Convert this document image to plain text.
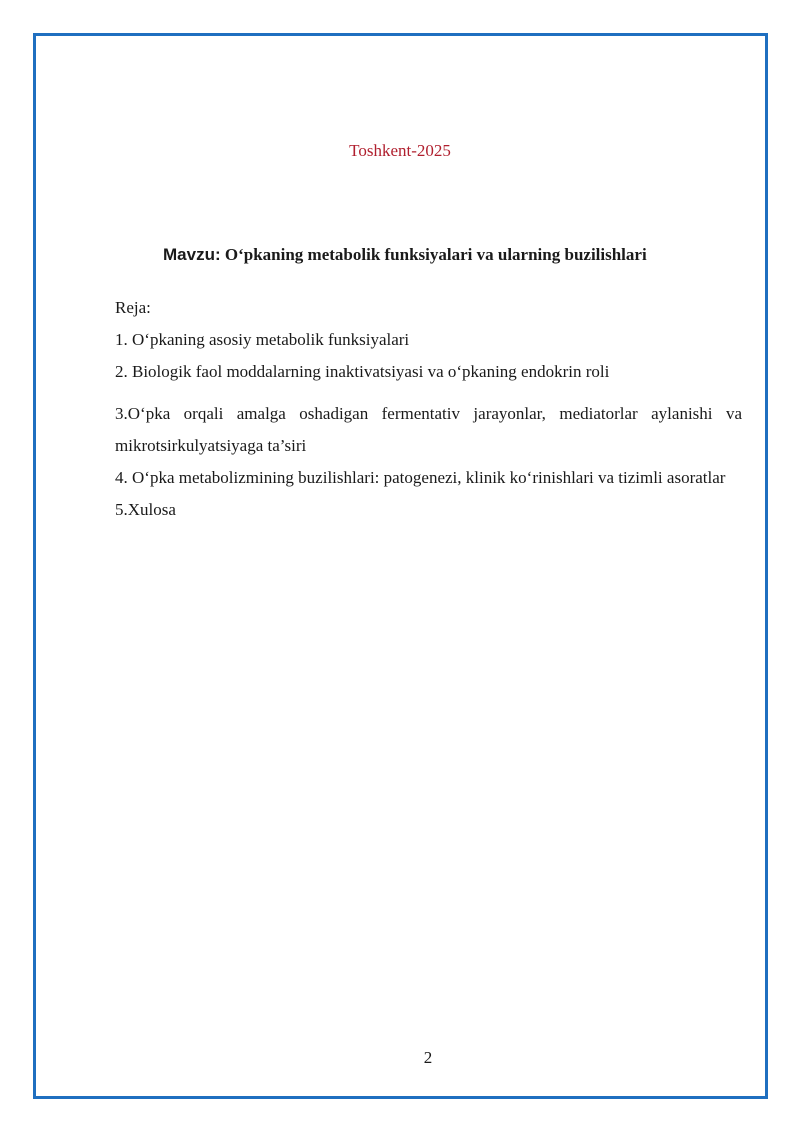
Toshkent-2025

Mavzu: O‘pkaning metabolik funksiyalari va ularning buzilishlari

Reja:

1. O‘pkaning asosiy metabolik funksiyalari

2. Biologik faol moddalarning inaktivatsiyasi va o‘pkaning endokrin roli

3.O‘pka orqali amalga oshadigan fermentativ jarayonlar, mediatorlar aylanishi va mikrotsirkulyatsiyaga ta’siri

4. O‘pka metabolizmining buzilishlari: patogenezi, klinik ko‘rinishlari va tizimli asoratlar

5.Xulosa

2
